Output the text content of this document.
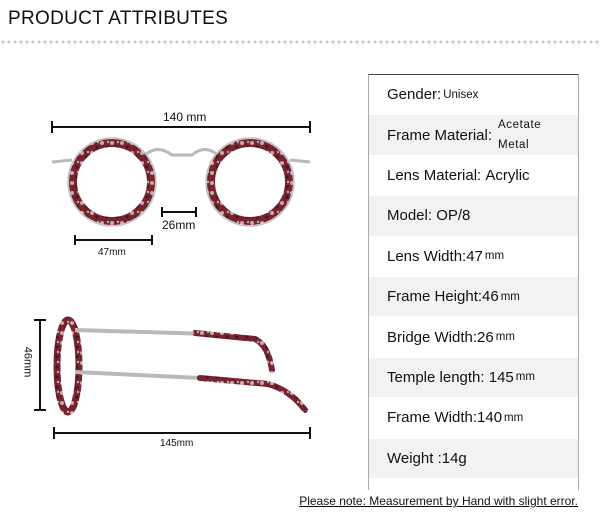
PRODUCT ATTRIBUTES
140 mm
26mm
47mm
46mm
145mm
Gender: Unisex
Frame Material:
Acetate
Metal
Lens Material:
Acrylic
Model:
OP/8
Lens Width:47 mm
Frame Height:46 mm
Bridge Width:26 mm
Temple length: 145 mm
Frame Width:140 mm
Weight :14g
Please note: Measurement by Hand with slight error.
